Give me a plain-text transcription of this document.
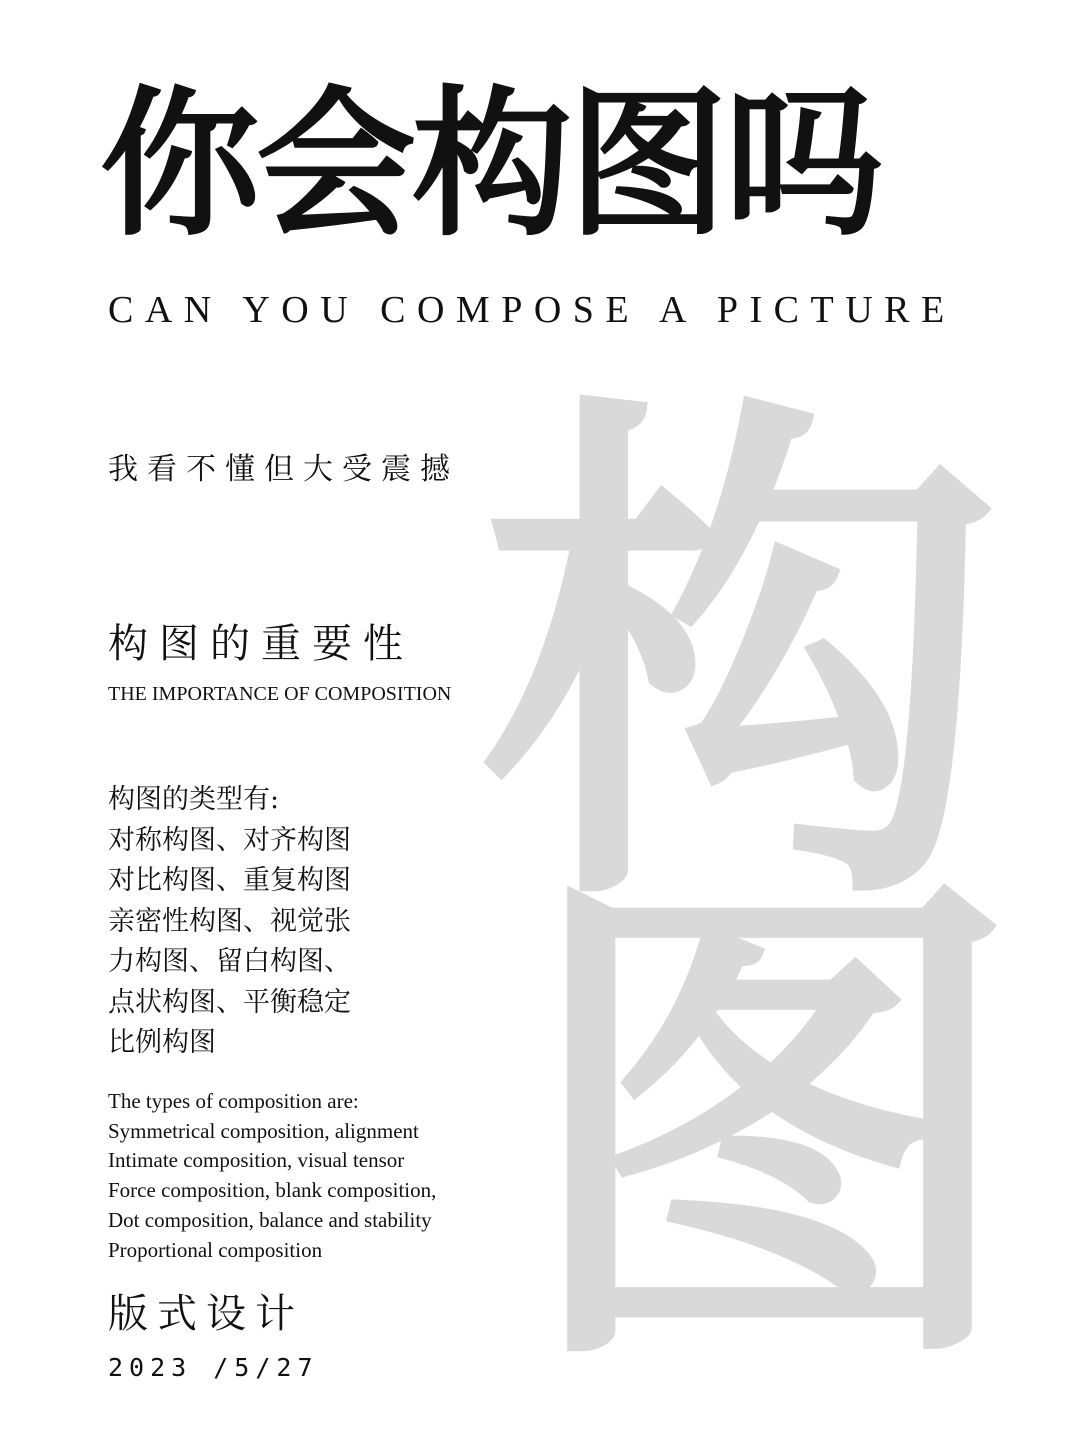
构
图
你会构图吗
CAN YOU COMPOSE A PICTURE
我看不懂但大受震撼
构图的重要性
THE IMPORTANCE OF COMPOSITION
构图的类型有:
对称构图、对齐构图
对比构图、重复构图
亲密性构图、视觉张
力构图、留白构图、
点状构图、平衡稳定
比例构图
The types of composition are:
Symmetrical composition, alignment
Intimate composition, visual tensor
Force composition, blank composition,
Dot composition, balance and stability
Proportional composition
版式设计
2023 /5/27
